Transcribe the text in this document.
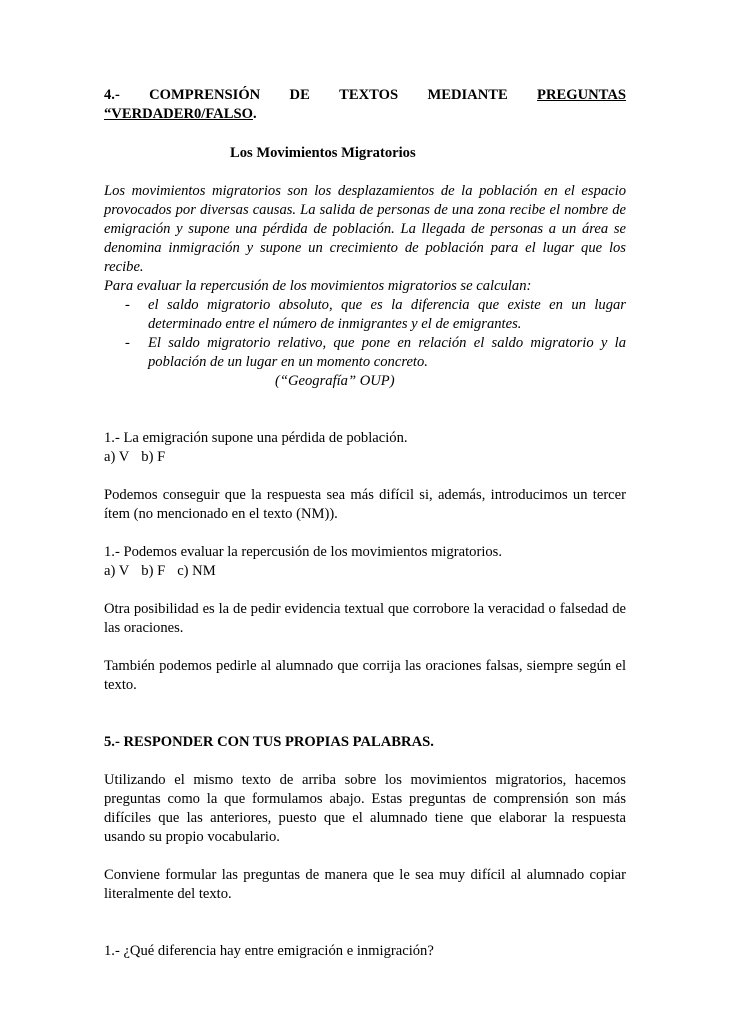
4.- COMPRENSIÓN DE TEXTOS MEDIANTE PREGUNTAS

“VERDADER0/FALSO.

Los Movimientos Migratorios

Los movimientos migratorios son los desplazamientos de la población en el espacio provocados por diversas causas. La salida de personas de una zona recibe el nombre de emigración y supone una pérdida de población. La llegada de personas a un área se denomina inmigración y supone un crecimiento de población para el lugar que los recibe.

Para evaluar la repercusión de los movimientos migratorios se calculan:

- el saldo migratorio absoluto, que es la diferencia que existe en un lugar determinado entre el número de inmigrantes y el de emigrantes.
- El saldo migratorio relativo, que pone en relación el saldo migratorio y la población de un lugar en un momento concreto.

(“Geografía” OUP)

1.- La emigración supone una pérdida de población.

a) V b) F

Podemos conseguir que la respuesta sea más difícil si, además, introducimos un tercer ítem (no mencionado en el texto (NM)).

1.- Podemos evaluar la repercusión de los movimientos migratorios.

a) V b) F c) NM

Otra posibilidad es la de pedir evidencia textual que corrobore la veracidad o falsedad de las oraciones.

También podemos pedirle al alumnado que corrija las oraciones falsas, siempre según el texto.

5.- RESPONDER CON TUS PROPIAS PALABRAS.

Utilizando el mismo texto de arriba sobre los movimientos migratorios, hacemos preguntas como la que formulamos abajo. Estas preguntas de comprensión son más difíciles que las anteriores, puesto que el alumnado tiene que elaborar la respuesta usando su propio vocabulario.

Conviene formular las preguntas de manera que le sea muy difícil al alumnado copiar literalmente del texto.

1.- ¿Qué diferencia hay entre emigración e inmigración?
